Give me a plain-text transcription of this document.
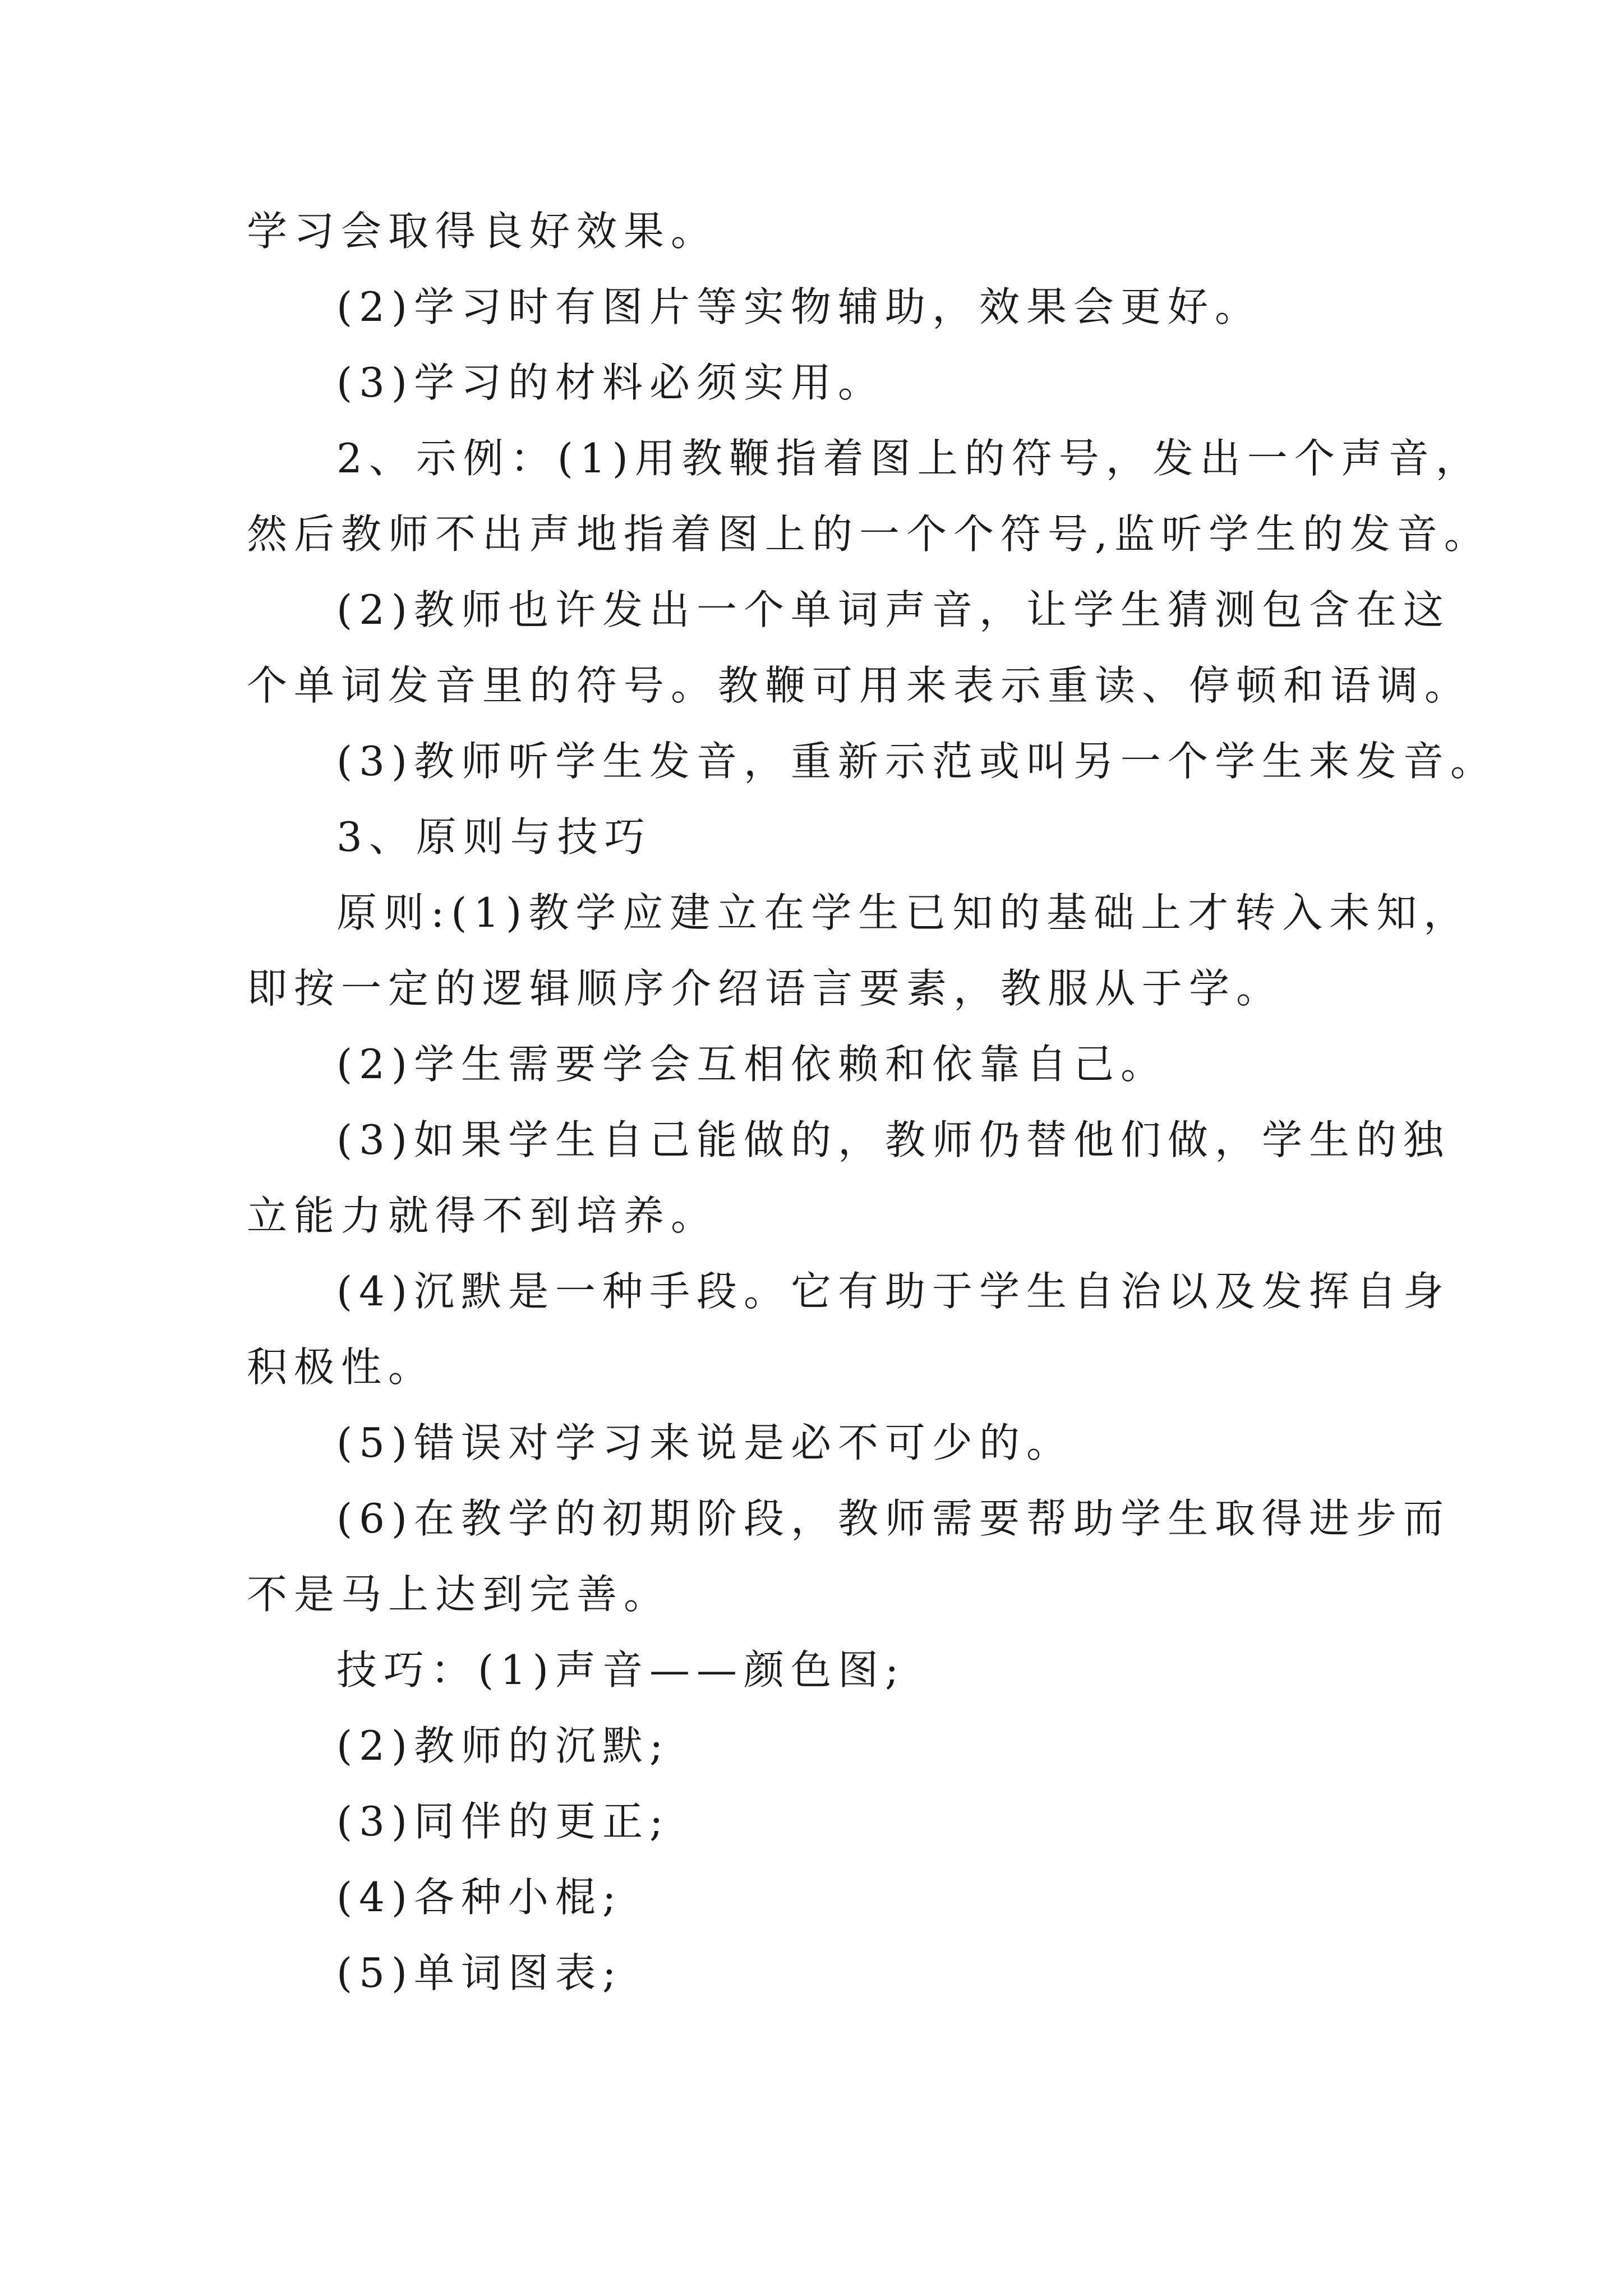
学习会取得良好效果。
(2)学习时有图片等实物辅助，效果会更好。
(3)学习的材料必须实用。
2、示例：(1)用教鞭指着图上的符号，发出一个声音，
然后教师不出声地指着图上的一个个符号,监听学生的发音。
(2)教师也许发出一个单词声音，让学生猜测包含在这
个单词发音里的符号。教鞭可用来表示重读、停顿和语调。
(3)教师听学生发音，重新示范或叫另一个学生来发音。
3、原则与技巧
原则:(1)教学应建立在学生已知的基础上才转入未知，
即按一定的逻辑顺序介绍语言要素，教服从于学。
(2)学生需要学会互相依赖和依靠自己。
(3)如果学生自己能做的，教师仍替他们做，学生的独
立能力就得不到培养。
(4)沉默是一种手段。它有助于学生自治以及发挥自身
积极性。
(5)错误对学习来说是必不可少的。
(6)在教学的初期阶段，教师需要帮助学生取得进步而
不是马上达到完善。
技巧：(1)声音——颜色图;
(2)教师的沉默;
(3)同伴的更正;
(4)各种小棍;
(5)单词图表;
